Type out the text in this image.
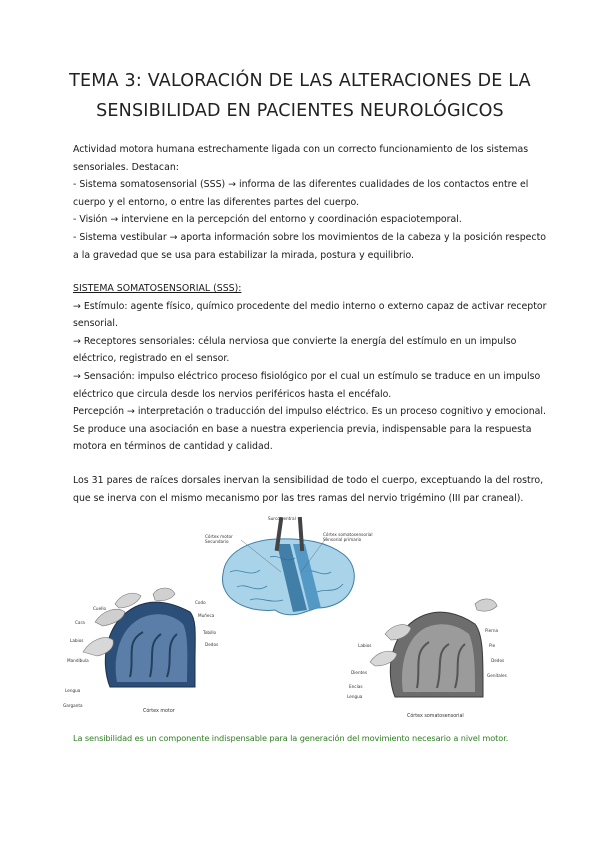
TEMA 3: VALORACIÓN DE LAS ALTERACIONES DE LA
SENSIBILIDAD EN PACIENTES NEUROLÓGICOS
Actividad motora humana estrechamente ligada con un correcto funcionamiento de los sistemas
sensoriales. Destacan:
- Sistema somatosensorial (SSS) → informa de las diferentes cualidades de los contactos entre el
cuerpo y el entorno, o entre las diferentes partes del cuerpo.
- Visión → interviene en la percepción del entorno y coordinación espaciotemporal.
- Sistema vestibular → aporta información sobre los movimientos de la cabeza y la posición respecto
a la gravedad que se usa para estabilizar la mirada, postura y equilibrio.
SISTEMA SOMATOSENSORIAL (SSS):
→ Estímulo: agente físico, químico procedente del medio interno o externo capaz de activar receptor
sensorial.
→ Receptores sensoriales: célula nerviosa que convierte la energía del estímulo en un impulso
eléctrico, registrado en el sensor.
→ Sensación: impulso eléctrico proceso fisiológico por el cual un estímulo se traduce en un impulso
eléctrico que circula desde los nervios periféricos hasta el encéfalo.
Percepción → interpretación o traducción del impulso eléctrico. Es un proceso cognitivo y emocional.
Se produce una asociación en base a nuestra experiencia previa, indispensable para la respuesta
motora en términos de cantidad y calidad.
Los 31 pares de raíces dorsales inervan la sensibilidad de todo el cuerpo, exceptuando la del rostro,
que se inerva con el mismo mecanismo por las tres ramas del nervio trigémino (III par craneal).
Córtex motor
Secundario
Córtex somatosensorial
Sensorial primario
Surco central
Labios
Mandíbula
Lengua
Garganta
Cara
Cuello
Codo
Muñeca
Tobillo
Dedos
Córtex motor
Labios
Dientes
Encías
Lengua
Pierna
Pie
Dedos
Genitales
Córtex somatosensorial
La sensibilidad es un componente indispensable para la generación del movimiento necesario a nivel motor.
